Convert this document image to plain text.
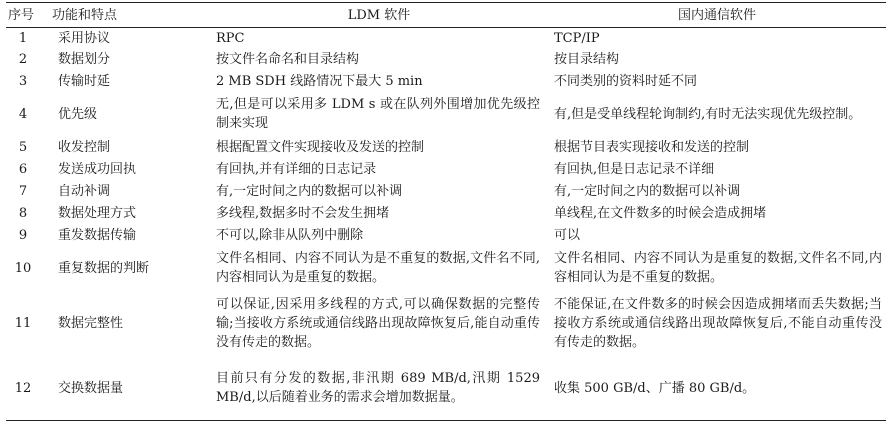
序号	功能和特点	LDM 软件	国内通信软件
1	采用协议	RPC	TCP/IP
2	数据划分	按文件名命名和目录结构	按目录结构
3	传输时延	2 MB SDH 线路情况下最大 5 min	不同类别的资料时延不同
4	优先级	无,但是可以采用多 LDM s 或在队列外围增加优先级控制来实现	有,但是受单线程轮询制约,有时无法实现优先级控制。
5	收发控制	根据配置文件实现接收及发送的控制	根据节目表实现接收和发送的控制
6	发送成功回执	有回执,并有详细的日志记录	有回执,但是日志记录不详细
7	自动补调	有,一定时间之内的数据可以补调	有,一定时间之内的数据可以补调
8	数据处理方式	多线程,数据多时不会发生拥堵	单线程,在文件数多的时候会造成拥堵
9	重发数据传输	不可以,除非从队列中删除	可以
10	重复数据的判断	文件名相同、内容不同认为是不重复的数据,文件名不同,内容相同认为是重复的数据。	文件名相同、内容不同认为是重复的数据,文件名不同,内容相同认为是不重复的数据。
11	数据完整性	可以保证,因采用多线程的方式,可以确保数据的完整传输;当接收方系统或通信线路出现故障恢复后,能自动重传没有传走的数据。	不能保证,在文件数多的时候会因造成拥堵而丢失数据;当接收方系统或通信线路出现故障恢复后,不能自动重传没有传走的数据。
12	交换数据量	目前只有分发的数据,非汛期 689 MB/d,汛期 1529 MB/d,以后随着业务的需求会增加数据量。	收集 500 GB/d、广播 80 GB/d。
